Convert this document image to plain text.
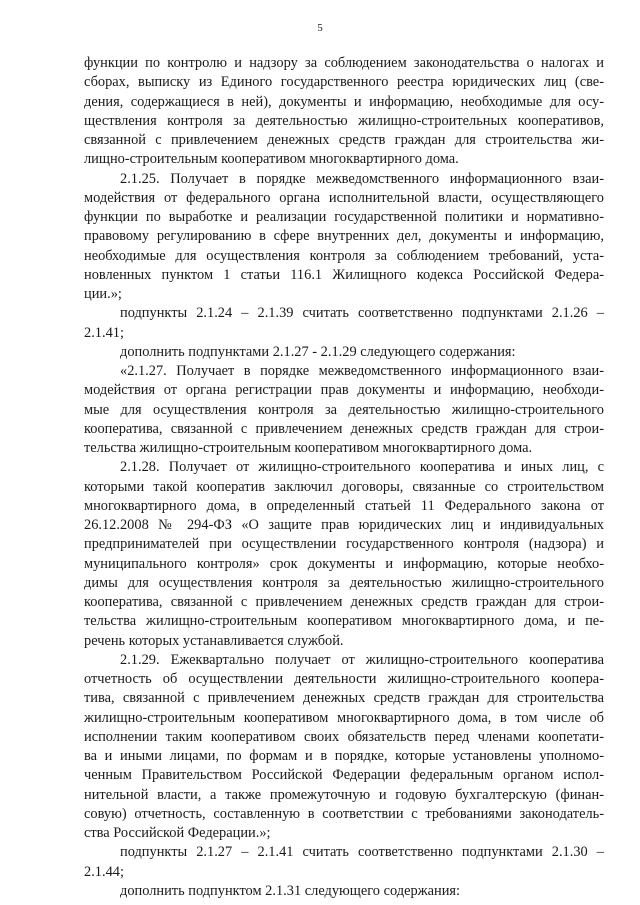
5
функции по контролю и надзору за соблюдением законодательства о налогах и
сборах, выписку из Единого государственного реестра юридических лиц (све-
дения, содержащиеся в ней), документы и информацию, необходимые для осу-
ществления контроля за деятельностью жилищно-строительных кооперативов,
связанной с привлечением денежных средств граждан для строительства жи-
лищно-строительным кооперативом многоквартирного дома.
2.1.25. Получает в порядке межведомственного информационного взаи-
модействия от федерального органа исполнительной власти, осуществляющего
функции по выработке и реализации государственной политики и нормативно-
правовому регулированию в сфере внутренних дел, документы и информацию,
необходимые для осуществления контроля за соблюдением требований, уста-
новленных пунктом 1 статьи 116.1 Жилищного кодекса Российской Федера-
ции.»;
подпункты 2.1.24 – 2.1.39 считать соответственно подпунктами 2.1.26 –
2.1.41;
дополнить подпунктами 2.1.27 - 2.1.29 следующего содержания:
«2.1.27. Получает в порядке межведомственного информационного взаи-
модействия от органа регистрации прав документы и информацию, необходи-
мые для осуществления контроля за деятельностью жилищно-строительного
кооператива, связанной с привлечением денежных средств граждан для строи-
тельства жилищно-строительным кооперативом многоквартирного дома.
2.1.28. Получает от жилищно-строительного кооператива и иных лиц, с
которыми такой кооператив заключил договоры, связанные со строительством
многоквартирного дома, в определенный статьей 11 Федерального закона от
26.12.2008 № 294-ФЗ «О защите прав юридических лиц и индивидуальных
предпринимателей при осуществлении государственного контроля (надзора) и
муниципального контроля» срок документы и информацию, которые необхо-
димы для осуществления контроля за деятельностью жилищно-строительного
кооператива, связанной с привлечением денежных средств граждан для строи-
тельства жилищно-строительным кооперативом многоквартирного дома, и пе-
речень которых устанавливается службой.
2.1.29. Ежеквартально получает от жилищно-строительного кооператива
отчетность об осуществлении деятельности жилищно-строительного коопера-
тива, связанной с привлечением денежных средств граждан для строительства
жилищно-строительным кооперативом многоквартирного дома, в том числе об
исполнении таким кооперативом своих обязательств перед членами коопетати-
ва и иными лицами, по формам и в порядке, которые установлены уполномо-
ченным Правительством Российской Федерации федеральным органом испол-
нительной власти, а также промежуточную и годовую бухгалтерскую (финан-
совую) отчетность, составленную в соответствии с требованиями законодатель-
ства Российской Федерации.»;
подпункты 2.1.27 – 2.1.41 считать соответственно подпунктами 2.1.30 –
2.1.44;
дополнить подпунктом 2.1.31 следующего содержания:
